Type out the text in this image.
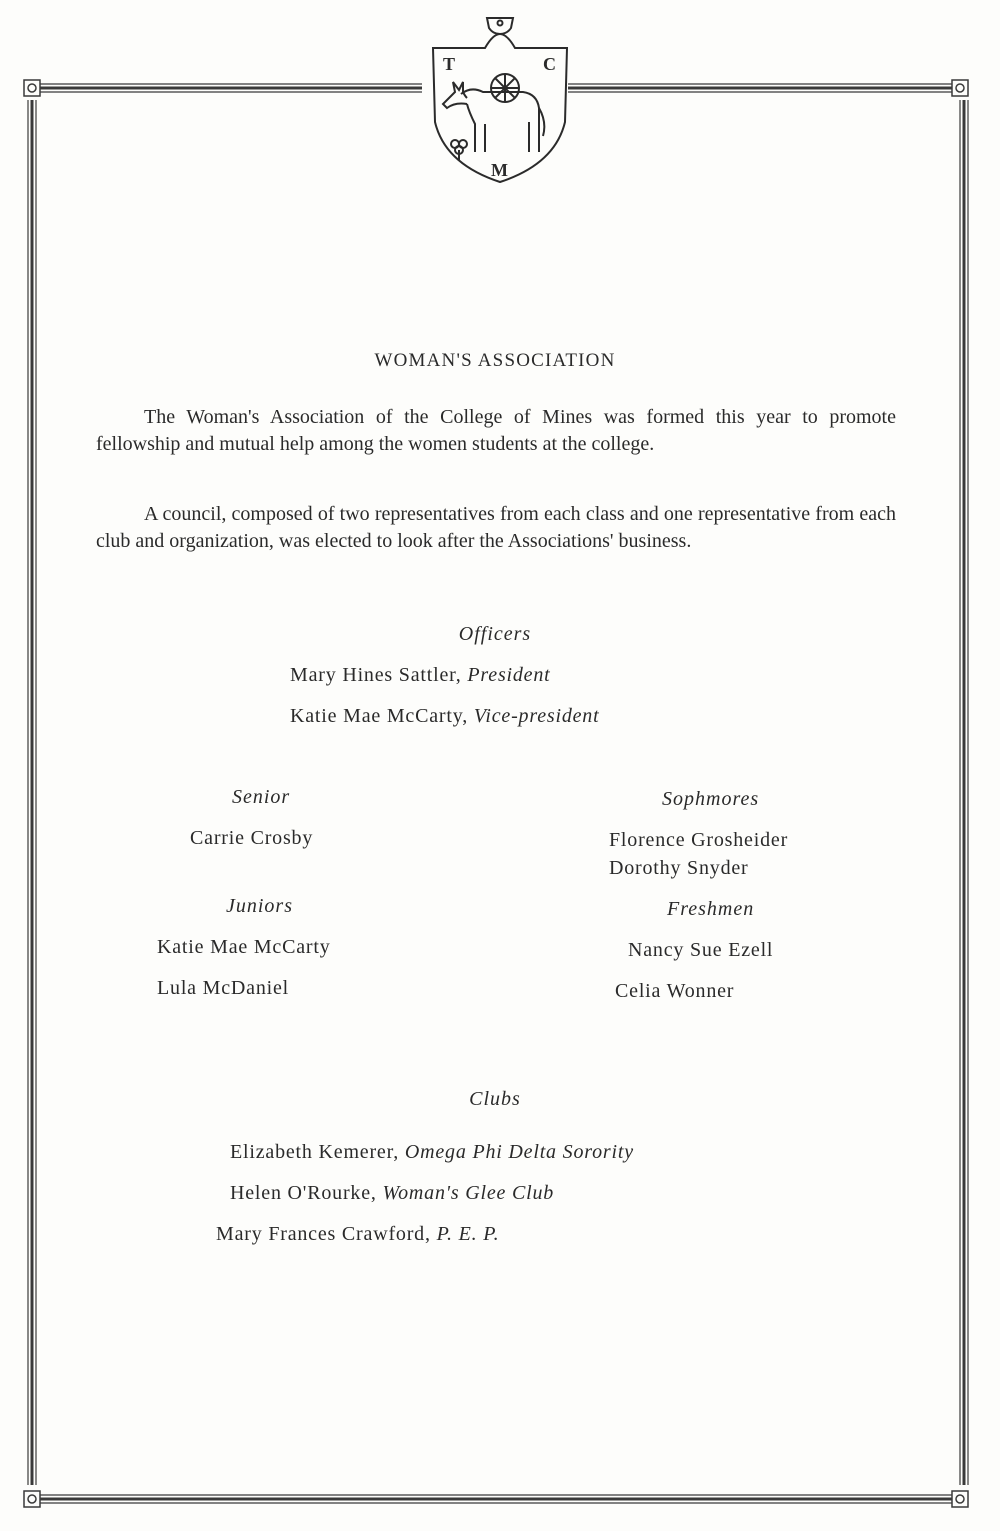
T	C
M
WOMAN'S ASSOCIATION

The Woman's Association of the College of Mines was formed this year to promote fellowship and mutual help among the women students at the college.

A council, composed of two representatives from each class and one representative from each club and organization, was elected to look after the Associations' business.

Officers
Mary Hines Sattler, President
Katie Mae McCarty, Vice-president
Senior
Carrie Crosby
Sophmores
Florence Grosheider
Dorothy Snyder
Juniors
Katie Mae McCarty
Lula McDaniel
Freshmen
Nancy Sue Ezell
Celia Wonner
Clubs
Elizabeth Kemerer, Omega Phi Delta Sorority
Helen O'Rourke, Woman's Glee Club
Mary Frances Crawford, P. E. P.
